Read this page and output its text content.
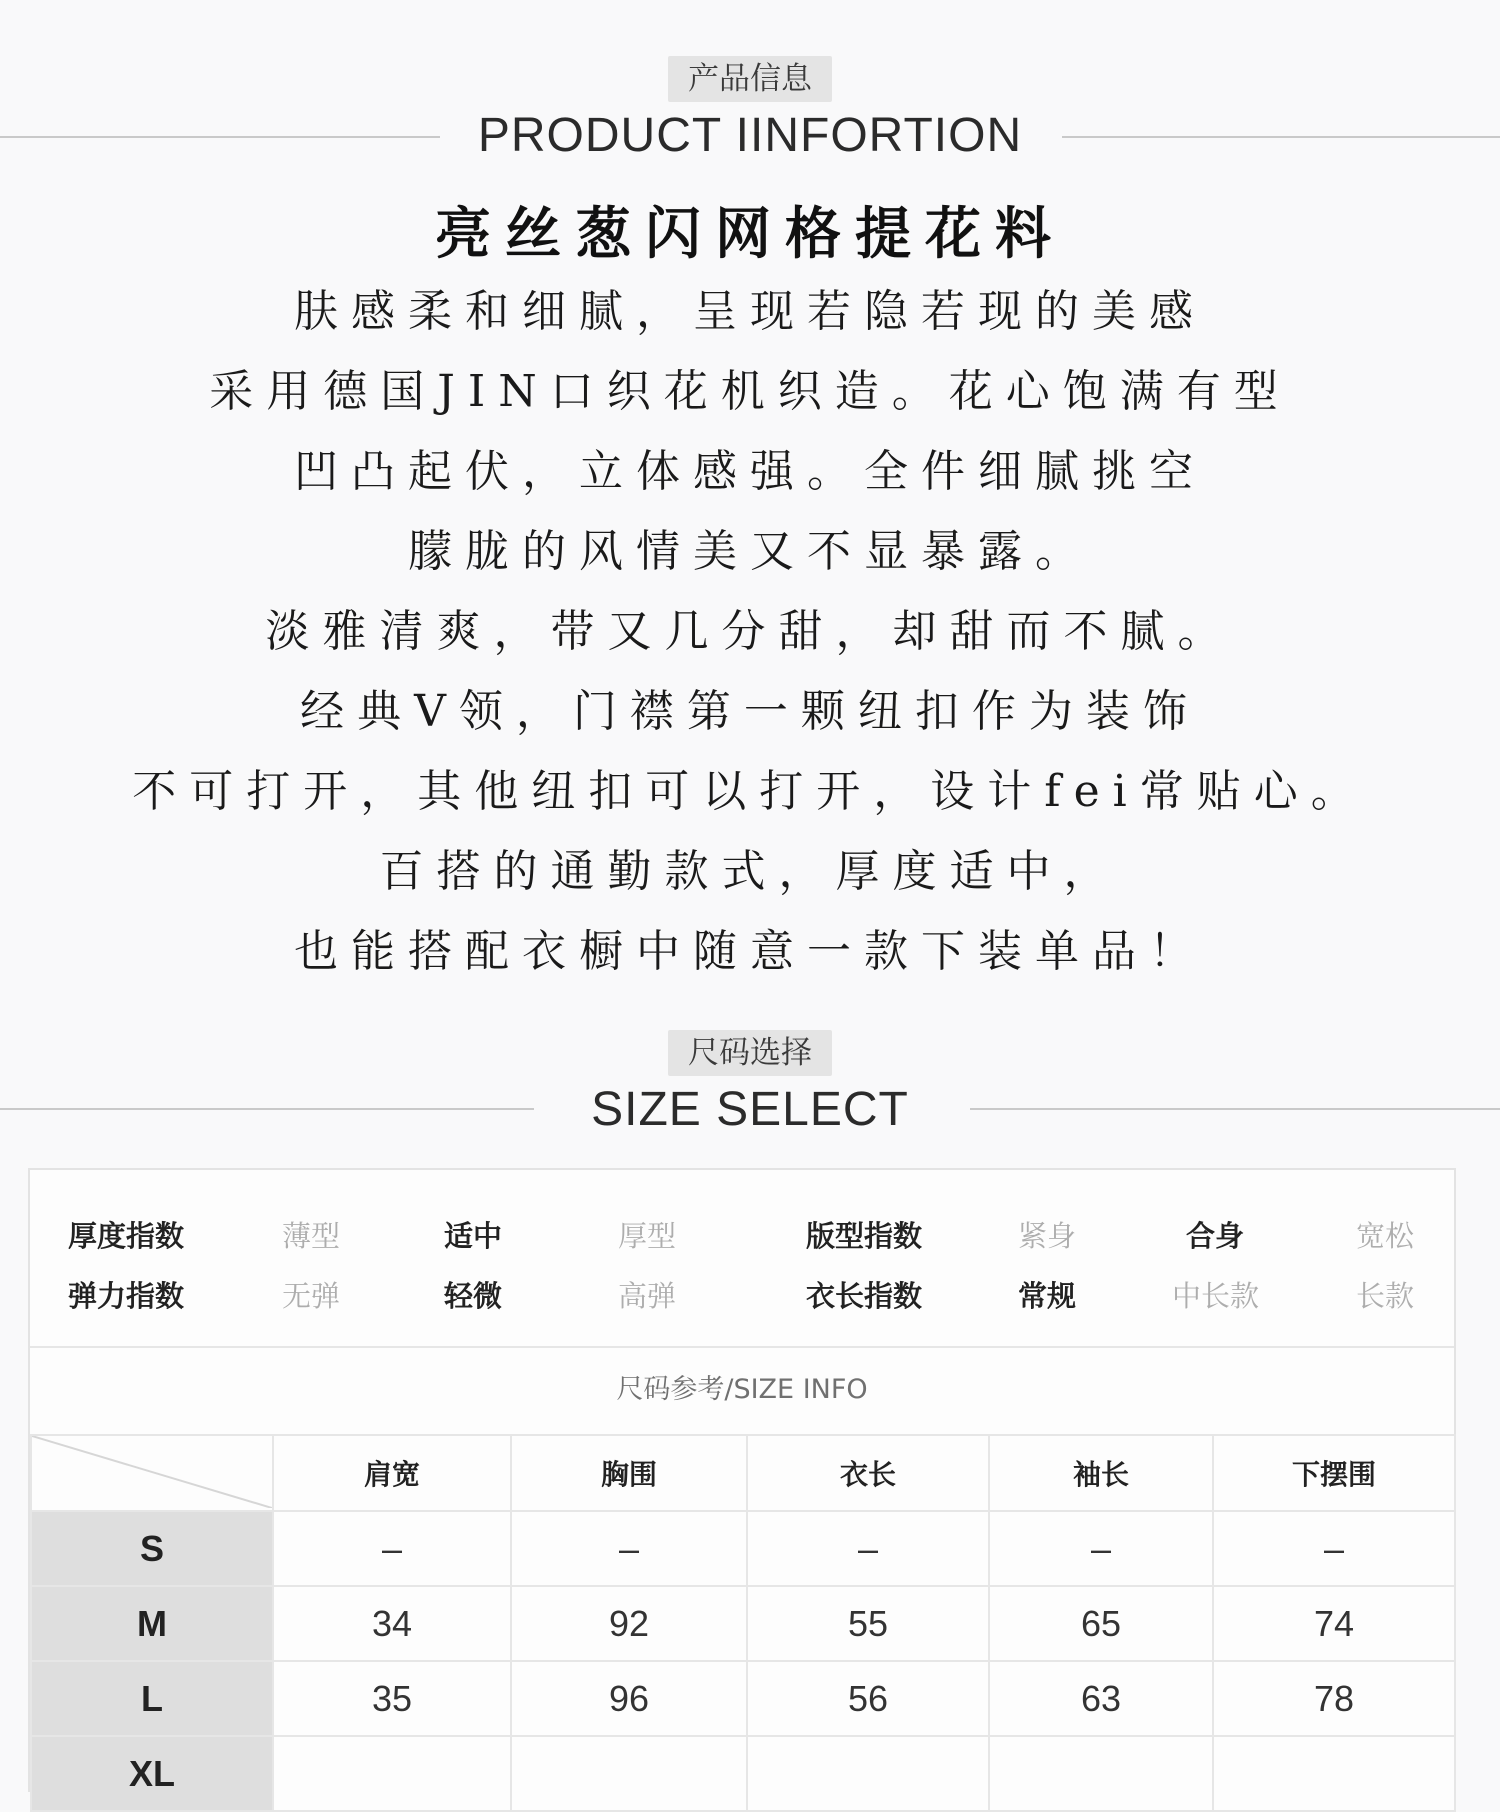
产品信息
PRODUCT IINFORTION
亮丝葱闪网格提花料
肤感柔和细腻，呈现若隐若现的美感
采用德国JIN口织花机织造。花心饱满有型
凹凸起伏，立体感强。全件细腻挑空
朦胧的风情美又不显暴露。
淡雅清爽，带又几分甜，却甜而不腻。
经典V领，门襟第一颗纽扣作为装饰
不可打开，其他纽扣可以打开，设计fei常贴心。
百搭的通勤款式，厚度适中，
也能搭配衣橱中随意一款下装单品！
尺码选择
SIZE SELECT
厚度指数	薄型	适中	厚型	版型指数	紧身	合身	宽松
弹力指数	无弹	轻微	高弹	衣长指数	常规	中长款	长款
尺码参考/SIZE INFO
	肩宽	胸围	衣长	袖长	下摆围
S	–	–	–	–	–
M	34	92	55	65	74
L	35	96	56	63	78
XL					
